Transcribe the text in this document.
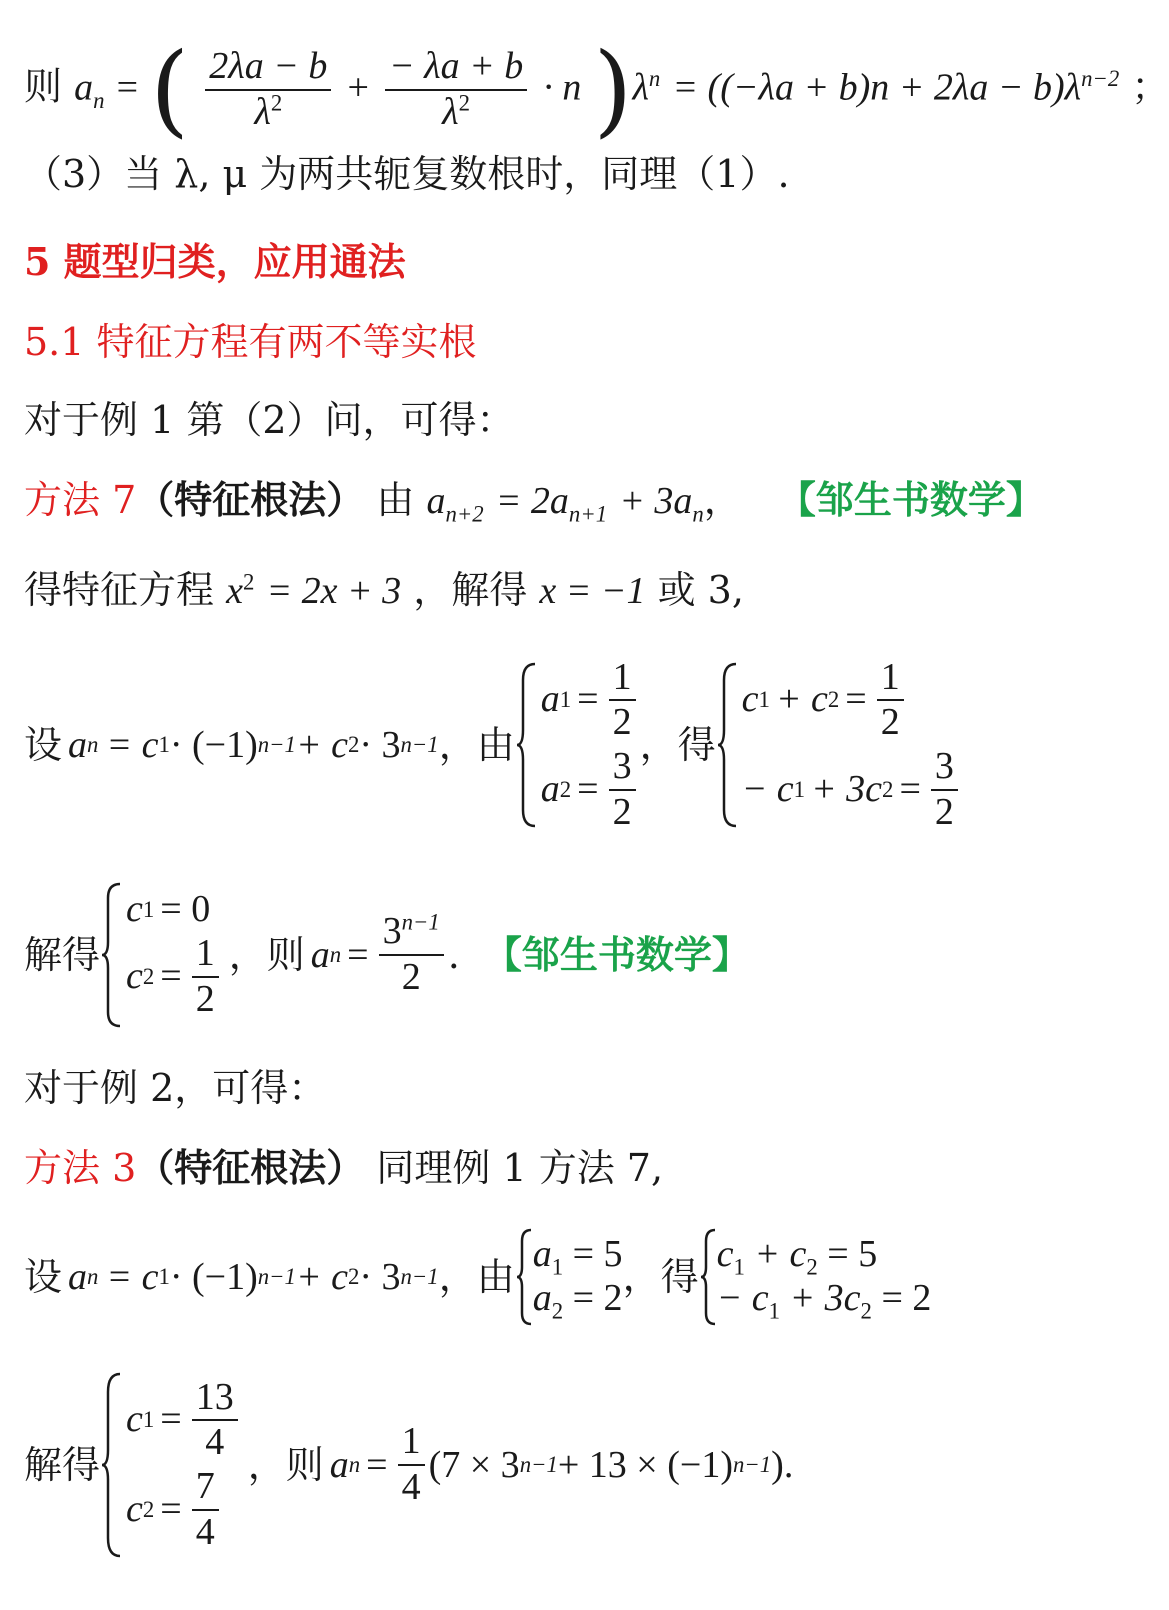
则 $a_n$ = ( $\frac{2\lambda a - b}{\lambda^2} + \frac{- \lambda a + b}{\lambda^2} \cdot n$ )$\lambda^n = ((-\lambda a + b)n + 2\lambda a - b)\lambda^{n-2}$ ；
（3）当 λ, μ 为两共轭复数根时，同理（1）.
5 题型归类，应用通法
5.1 特征方程有两不等实根
对于例 1 第（2）问，可得：
方法 7（特征根法） 由 $a_{n+2} = 2a_{n+1} + 3a_n$， 【邹生书数学】
得特征方程 $x^2 = 2x + 3$ ，解得 x = −1 或 3,
设 a n = c 1 · (−1) n−1 + c 2 · 3 n−1 ，由
a $1 = \frac{1}{2}$
a $2 = \frac{3}{2}$ ， 得
c 1 + c $2 = \frac{1}{2}$
− c 1 + 3c $2 = \frac{3}{2}$
解得
c 1 = 0
c $2 = \frac{1}{2}$ ，则 a $n = \frac{3^{n-1}}{2}$ . 【邹生书数学】
对于例 2，可得：
方法 3（特征根法） 同理例 1 方法 7,
设 a n = c 1 · (−1) n−1 + c 2 · 3 n−1 ，由
$a_1 = 5$
$a_2 = 2$ ， 得
$c_1 + c_2 = 5$
− $c_1 + 3c_2 = 2$
解得
c $1 = \frac{13}{4}$
c $2 = \frac{7}{4}$ ，则 a $n = \frac{1}{4} (7 \times 3$ n−1 + 13 × (−1) n−1 ).
